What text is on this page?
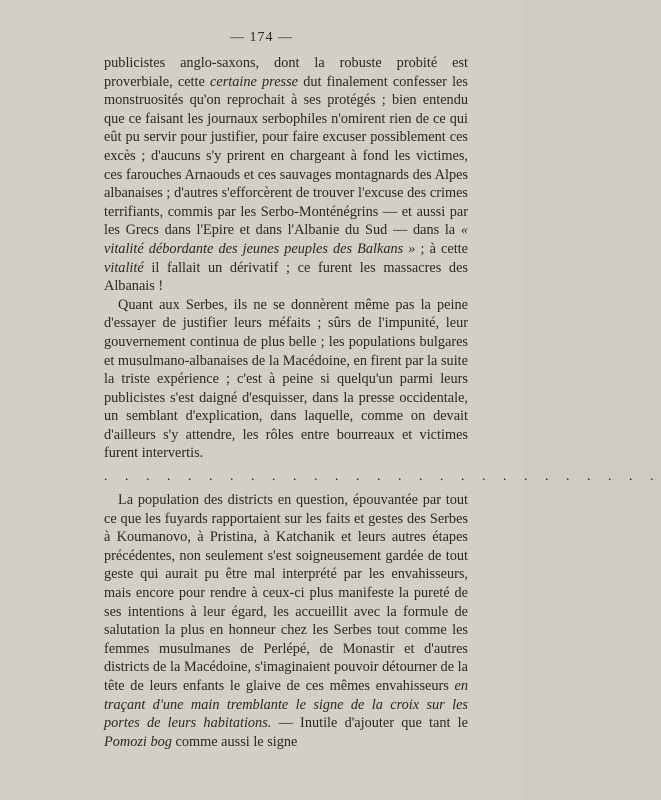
— 174 —

publicistes anglo-saxons, dont la robuste probité est proverbiale, cette certaine presse dut finalement confesser les monstruosités qu'on reprochait à ses protégés ; bien entendu que ce faisant les journaux serbophiles n'omirent rien de ce qui eût pu servir pour justifier, pour faire excuser possiblement ces excès ; d'aucuns s'y prirent en chargeant à fond les victimes, ces farouches Arnaouds et ces sauvages montagnards des Alpes albanaises ; d'autres s'efforcèrent de trouver l'excuse des crimes terrifiants, commis par les Serbo-Monténégrins — et aussi par les Grecs dans l'Epire et dans l'Albanie du Sud — dans la « vitalité débordante des jeunes peuples des Balkans » ; à cette vitalité il fallait un dérivatif ; ce furent les massacres des Albanais !

Quant aux Serbes, ils ne se donnèrent même pas la peine d'essayer de justifier leurs méfaits ; sûrs de l'impunité, leur gouvernement continua de plus belle ; les populations bulgares et musulmano-albanaises de la Macédoine, en firent par la suite la triste expérience ; c'est à peine si quelqu'un parmi leurs publicistes s'est daigné d'esquisser, dans la presse occidentale, un semblant d'explication, dans laquelle, comme on devait d'ailleurs s'y attendre, les rôles entre bourreaux et victimes furent intervertis.

. . . . . . . . . . . . . . . . . . . . . . . . . . .

La population des districts en question, épouvantée par tout ce que les fuyards rapportaient sur les faits et gestes des Serbes à Koumanovo, à Pristina, à Katchanik et leurs autres étapes précédentes, non seulement s'est soigneusement gardée de tout geste qui aurait pu être mal interprété par les envahisseurs, mais encore pour rendre à ceux-ci plus manifeste la pureté de ses intentions à leur égard, les accueillit avec la formule de salutation la plus en honneur chez les Serbes tout comme les femmes musulmanes de Perlépé, de Monastir et d'autres districts de la Macédoine, s'imaginaient pouvoir détourner de la tête de leurs enfants le glaive de ces mêmes envahisseurs en traçant d'une main tremblante le signe de la croix sur les portes de leurs habitations. — Inutile d'ajouter que tant le Pomozi bog comme aussi le signe
